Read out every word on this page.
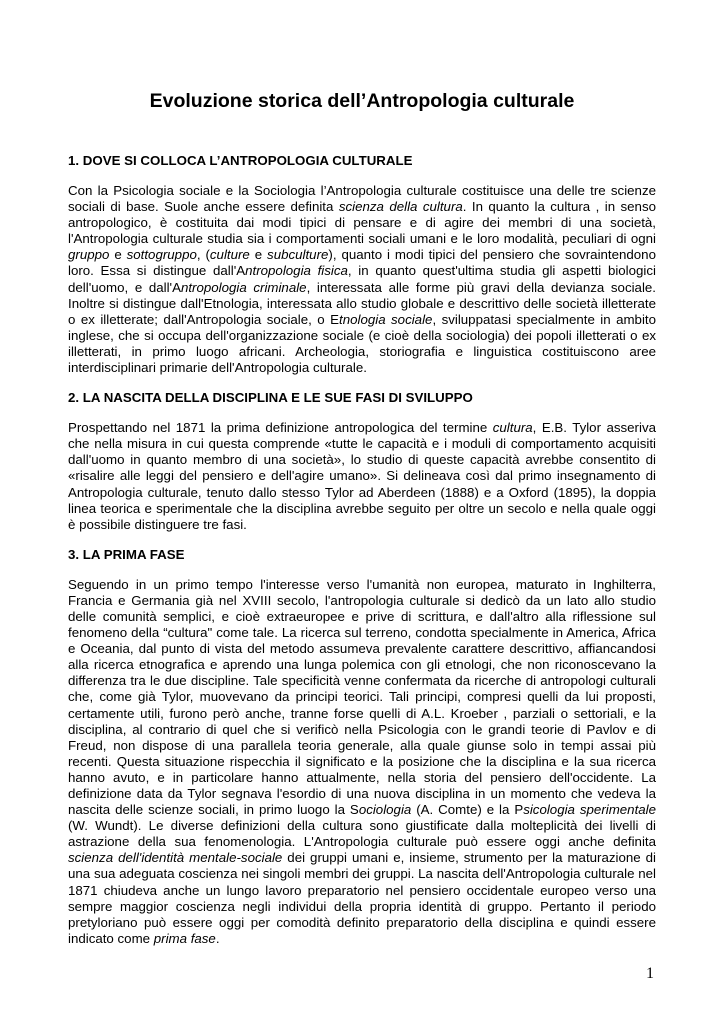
Evoluzione storica dell’Antropologia culturale
1. DOVE SI COLLOCA L’ANTROPOLOGIA CULTURALE

Con la Psicologia sociale e la Sociologia l’Antropologia culturale costituisce una delle tre scienze sociali di base. Suole anche essere definita scienza della cultura. In quanto la cultura , in senso antropologico, è costituita dai modi tipici di pensare e di agire dei membri di una società, l'Antropologia culturale studia sia i comportamenti sociali umani e le loro modalità, peculiari di ogni gruppo e sottogruppo, (culture e subculture), quanto i modi tipici del pensiero che sovraintendono loro. Essa si distingue dall'Antropologia fisica, in quanto quest'ultima studia gli aspetti biologici dell'uomo, e dall'Antropologia criminale, interessata alle forme più gravi della devianza sociale. Inoltre si distingue dall'Etnologia, interessata allo studio globale e descrittivo delle società illetterate o ex illetterate; dall'Antropologia sociale, o Etnologia sociale, sviluppatasi specialmente in ambito inglese, che si occupa dell'organizzazione sociale (e cioè della sociologia) dei popoli illetterati o ex illetterati, in primo luogo africani. Archeologia, storiografia e linguistica costituiscono aree interdisciplinari primarie dell'Antropologia culturale.

2. LA NASCITA DELLA DISCIPLINA E LE SUE FASI DI SVILUPPO

Prospettando nel 1871 la prima definizione antropologica del termine cultura, E.B. Tylor asseriva che nella misura in cui questa comprende «tutte le capacità e i moduli di comportamento acquisiti dall'uomo in quanto membro di una società», lo studio di queste capacità avrebbe consentito di «risalire alle leggi del pensiero e dell'agire umano». Si delineava così dal primo insegnamento di Antropologia culturale, tenuto dallo stesso Tylor ad Aberdeen (1888) e a Oxford (1895), la doppia linea teorica e sperimentale che la disciplina avrebbe seguito per oltre un secolo e nella quale oggi è possibile distinguere tre fasi.

3. LA PRIMA FASE

Seguendo in un primo tempo l'interesse verso l'umanità non europea, maturato in Inghilterra, Francia e Germania già nel XVIII secolo, l'antropologia culturale si dedicò da un lato allo studio delle comunità semplici, e cioè extraeuropee e prive di scrittura, e dall'altro alla riflessione sul fenomeno della “cultura" come tale. La ricerca sul terreno, condotta specialmente in America, Africa e Oceania, dal punto di vista del metodo assumeva prevalente carattere descrittivo, affiancandosi alla ricerca etnografica e aprendo una lunga polemica con gli etnologi, che non riconoscevano la differenza tra le due discipline. Tale specificità venne confermata da ricerche di antropologi culturali che, come già Tylor, muovevano da principi teorici. Tali principi, compresi quelli da lui proposti, certamente utili, furono però anche, tranne forse quelli di A.L. Kroeber , parziali o settoriali, e la disciplina, al contrario di quel che si verificò nella Psicologia con le grandi teorie di Pavlov e di Freud, non dispose di una parallela teoria generale, alla quale giunse solo in tempi assai più recenti. Questa situazione rispecchia il significato e la posizione che la disciplina e la sua ricerca hanno avuto, e in particolare hanno attualmente, nella storia del pensiero dell'occidente. La definizione data da Tylor segnava l'esordio di una nuova disciplina in un momento che vedeva la nascita delle scienze sociali, in primo luogo la Sociologia (A. Comte) e la Psicologia sperimentale (W. Wundt). Le diverse definizioni della cultura sono giustificate dalla molteplicità dei livelli di astrazione della sua fenomenologia. L'Antropologia culturale può essere oggi anche definita scienza dell'identità mentale-sociale dei gruppi umani e, insieme, strumento per la maturazione di una sua adeguata coscienza nei singoli membri dei gruppi. La nascita dell'Antropologia culturale nel 1871 chiudeva anche un lungo lavoro preparatorio nel pensiero occidentale europeo verso una sempre maggior coscienza negli individui della propria identità di gruppo. Pertanto il periodo pretyloriano può essere oggi per comodità definito preparatorio della disciplina e quindi essere indicato come prima fase.

1
